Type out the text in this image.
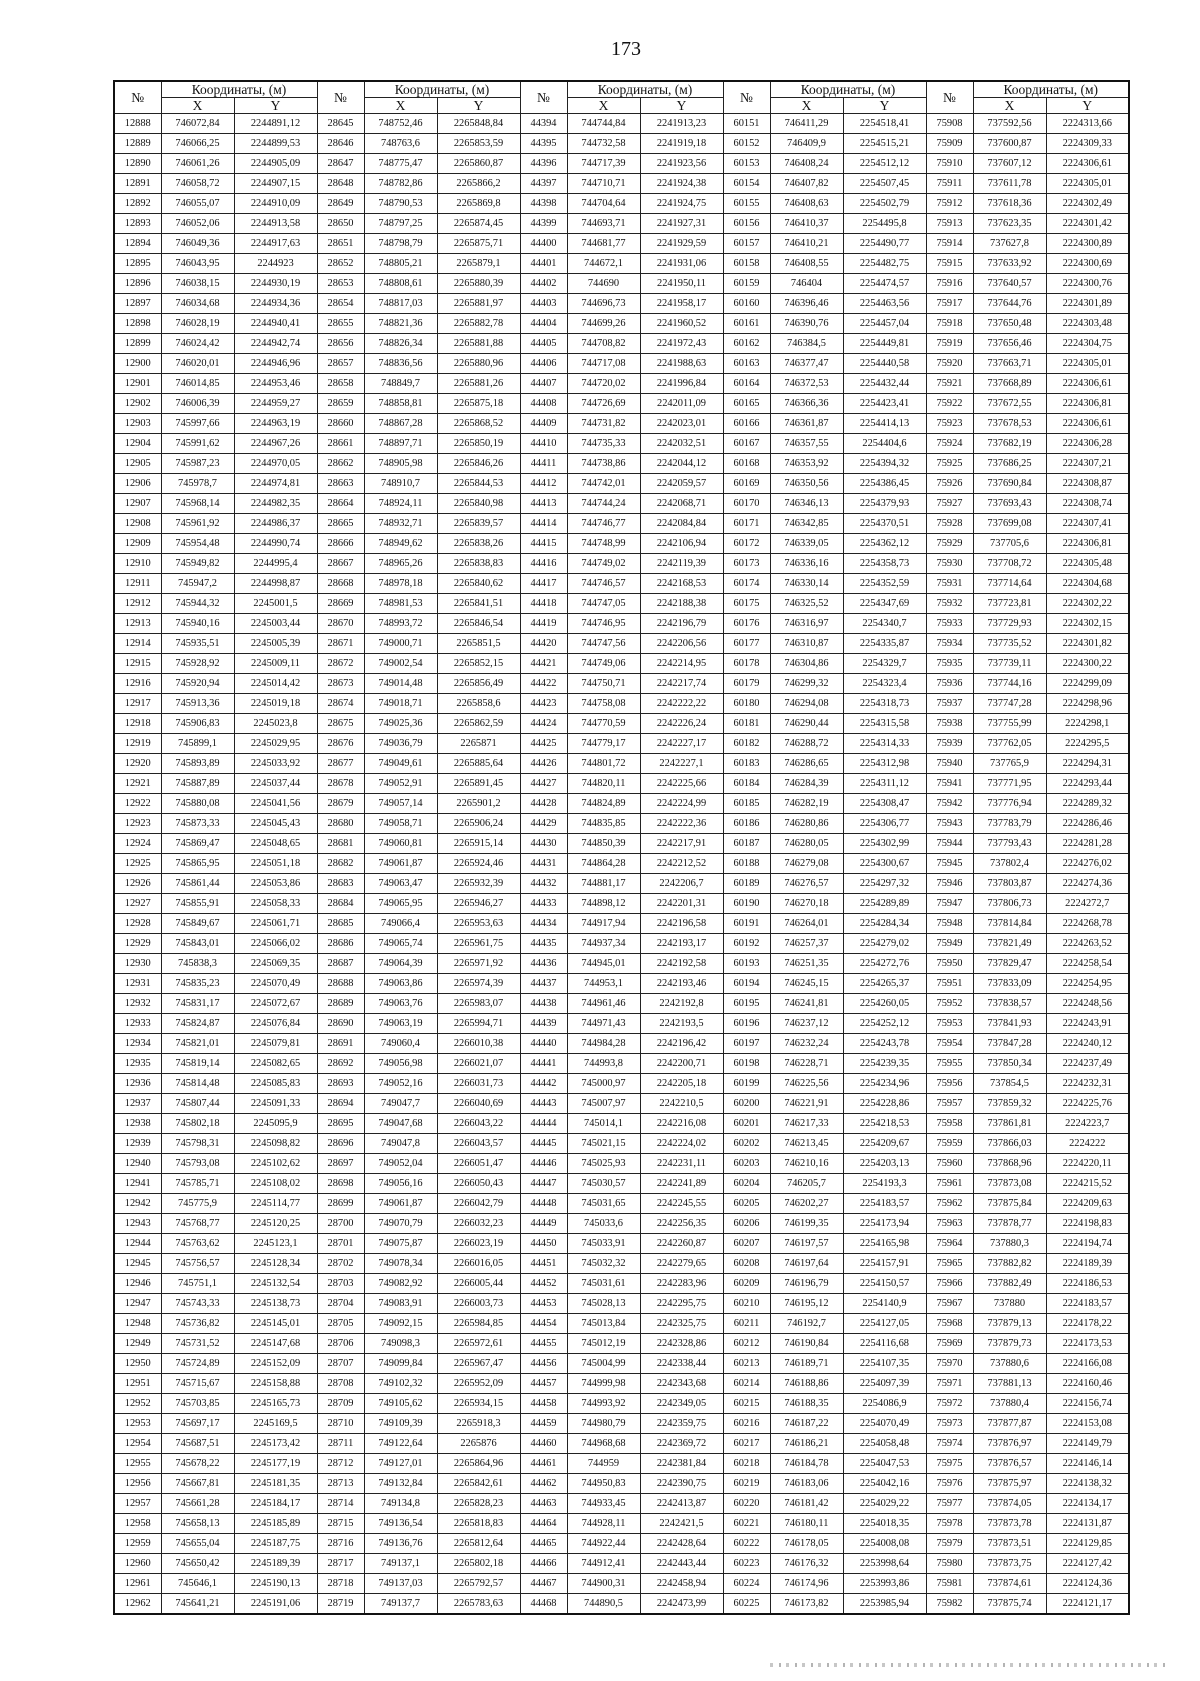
173
№	Координаты, (м)		№	Координаты, (м)		№	Координаты, (м)		№	Координаты, (м)		№	Координаты, (м)	
	X	Y		X	Y		X	Y		X	Y		X	Y
12888	746072,84	2244891,12	28645	748752,46	2265848,84	44394	744744,84	2241913,23	60151	746411,29	2254518,41	75908	737592,56	2224313,66
12889	746066,25	2244899,53	28646	748763,6	2265853,59	44395	744732,58	2241919,18	60152	746409,9	2254515,21	75909	737600,87	2224309,33
12890	746061,26	2244905,09	28647	748775,47	2265860,87	44396	744717,39	2241923,56	60153	746408,24	2254512,12	75910	737607,12	2224306,61
12891	746058,72	2244907,15	28648	748782,86	2265866,2	44397	744710,71	2241924,38	60154	746407,82	2254507,45	75911	737611,78	2224305,01
12892	746055,07	2244910,09	28649	748790,53	2265869,8	44398	744704,64	2241924,75	60155	746408,63	2254502,79	75912	737618,36	2224302,49
12893	746052,06	2244913,58	28650	748797,25	2265874,45	44399	744693,71	2241927,31	60156	746410,37	2254495,8	75913	737623,35	2224301,42
12894	746049,36	2244917,63	28651	748798,79	2265875,71	44400	744681,77	2241929,59	60157	746410,21	2254490,77	75914	737627,8	2224300,89
12895	746043,95	2244923	28652	748805,21	2265879,1	44401	744672,1	2241931,06	60158	746408,55	2254482,75	75915	737633,92	2224300,69
12896	746038,15	2244930,19	28653	748808,61	2265880,39	44402	744690	2241950,11	60159	746404	2254474,57	75916	737640,57	2224300,76
12897	746034,68	2244934,36	28654	748817,03	2265881,97	44403	744696,73	2241958,17	60160	746396,46	2254463,56	75917	737644,76	2224301,89
12898	746028,19	2244940,41	28655	748821,36	2265882,78	44404	744699,26	2241960,52	60161	746390,76	2254457,04	75918	737650,48	2224303,48
12899	746024,42	2244942,74	28656	748826,34	2265881,88	44405	744708,82	2241972,43	60162	746384,5	2254449,81	75919	737656,46	2224304,75
12900	746020,01	2244946,96	28657	748836,56	2265880,96	44406	744717,08	2241988,63	60163	746377,47	2254440,58	75920	737663,71	2224305,01
12901	746014,85	2244953,46	28658	748849,7	2265881,26	44407	744720,02	2241996,84	60164	746372,53	2254432,44	75921	737668,89	2224306,61
12902	746006,39	2244959,27	28659	748858,81	2265875,18	44408	744726,69	2242011,09	60165	746366,36	2254423,41	75922	737672,55	2224306,81
12903	745997,66	2244963,19	28660	748867,28	2265868,52	44409	744731,82	2242023,01	60166	746361,87	2254414,13	75923	737678,53	2224306,61
12904	745991,62	2244967,26	28661	748897,71	2265850,19	44410	744735,33	2242032,51	60167	746357,55	2254404,6	75924	737682,19	2224306,28
12905	745987,23	2244970,05	28662	748905,98	2265846,26	44411	744738,86	2242044,12	60168	746353,92	2254394,32	75925	737686,25	2224307,21
12906	745978,7	2244974,81	28663	748910,7	2265844,53	44412	744742,01	2242059,57	60169	746350,56	2254386,45	75926	737690,84	2224308,87
12907	745968,14	2244982,35	28664	748924,11	2265840,98	44413	744744,24	2242068,71	60170	746346,13	2254379,93	75927	737693,43	2224308,74
12908	745961,92	2244986,37	28665	748932,71	2265839,57	44414	744746,77	2242084,84	60171	746342,85	2254370,51	75928	737699,08	2224307,41
12909	745954,48	2244990,74	28666	748949,62	2265838,26	44415	744748,99	2242106,94	60172	746339,05	2254362,12	75929	737705,6	2224306,81
12910	745949,82	2244995,4	28667	748965,26	2265838,83	44416	744749,02	2242119,39	60173	746336,16	2254358,73	75930	737708,72	2224305,48
12911	745947,2	2244998,87	28668	748978,18	2265840,62	44417	744746,57	2242168,53	60174	746330,14	2254352,59	75931	737714,64	2224304,68
12912	745944,32	2245001,5	28669	748981,53	2265841,51	44418	744747,05	2242188,38	60175	746325,52	2254347,69	75932	737723,81	2224302,22
12913	745940,16	2245003,44	28670	748993,72	2265846,54	44419	744746,95	2242196,79	60176	746316,97	2254340,7	75933	737729,93	2224302,15
12914	745935,51	2245005,39	28671	749000,71	2265851,5	44420	744747,56	2242206,56	60177	746310,87	2254335,87	75934	737735,52	2224301,82
12915	745928,92	2245009,11	28672	749002,54	2265852,15	44421	744749,06	2242214,95	60178	746304,86	2254329,7	75935	737739,11	2224300,22
12916	745920,94	2245014,42	28673	749014,48	2265856,49	44422	744750,71	2242217,74	60179	746299,32	2254323,4	75936	737744,16	2224299,09
12917	745913,36	2245019,18	28674	749018,71	2265858,6	44423	744758,08	2242222,22	60180	746294,08	2254318,73	75937	737747,28	2224298,96
12918	745906,83	2245023,8	28675	749025,36	2265862,59	44424	744770,59	2242226,24	60181	746290,44	2254315,58	75938	737755,99	2224298,1
12919	745899,1	2245029,95	28676	749036,79	2265871	44425	744779,17	2242227,17	60182	746288,72	2254314,33	75939	737762,05	2224295,5
12920	745893,89	2245033,92	28677	749049,61	2265885,64	44426	744801,72	2242227,1	60183	746286,65	2254312,98	75940	737765,9	2224294,31
12921	745887,89	2245037,44	28678	749052,91	2265891,45	44427	744820,11	2242225,66	60184	746284,39	2254311,12	75941	737771,95	2224293,44
12922	745880,08	2245041,56	28679	749057,14	2265901,2	44428	744824,89	2242224,99	60185	746282,19	2254308,47	75942	737776,94	2224289,32
12923	745873,33	2245045,43	28680	749058,71	2265906,24	44429	744835,85	2242222,36	60186	746280,86	2254306,77	75943	737783,79	2224286,46
12924	745869,47	2245048,65	28681	749060,81	2265915,14	44430	744850,39	2242217,91	60187	746280,05	2254302,99	75944	737793,43	2224281,28
12925	745865,95	2245051,18	28682	749061,87	2265924,46	44431	744864,28	2242212,52	60188	746279,08	2254300,67	75945	737802,4	2224276,02
12926	745861,44	2245053,86	28683	749063,47	2265932,39	44432	744881,17	2242206,7	60189	746276,57	2254297,32	75946	737803,87	2224274,36
12927	745855,91	2245058,33	28684	749065,95	2265946,27	44433	744898,12	2242201,31	60190	746270,18	2254289,89	75947	737806,73	2224272,7
12928	745849,67	2245061,71	28685	749066,4	2265953,63	44434	744917,94	2242196,58	60191	746264,01	2254284,34	75948	737814,84	2224268,78
12929	745843,01	2245066,02	28686	749065,74	2265961,75	44435	744937,34	2242193,17	60192	746257,37	2254279,02	75949	737821,49	2224263,52
12930	745838,3	2245069,35	28687	749064,39	2265971,92	44436	744945,01	2242192,58	60193	746251,35	2254272,76	75950	737829,47	2224258,54
12931	745835,23	2245070,49	28688	749063,86	2265974,39	44437	744953,1	2242193,46	60194	746245,15	2254265,37	75951	737833,09	2224254,95
12932	745831,17	2245072,67	28689	749063,76	2265983,07	44438	744961,46	2242192,8	60195	746241,81	2254260,05	75952	737838,57	2224248,56
12933	745824,87	2245076,84	28690	749063,19	2265994,71	44439	744971,43	2242193,5	60196	746237,12	2254252,12	75953	737841,93	2224243,91
12934	745821,01	2245079,81	28691	749060,4	2266010,38	44440	744984,28	2242196,42	60197	746232,24	2254243,78	75954	737847,28	2224240,12
12935	745819,14	2245082,65	28692	749056,98	2266021,07	44441	744993,8	2242200,71	60198	746228,71	2254239,35	75955	737850,34	2224237,49
12936	745814,48	2245085,83	28693	749052,16	2266031,73	44442	745000,97	2242205,18	60199	746225,56	2254234,96	75956	737854,5	2224232,31
12937	745807,44	2245091,33	28694	749047,7	2266040,69	44443	745007,97	2242210,5	60200	746221,91	2254228,86	75957	737859,32	2224225,76
12938	745802,18	2245095,9	28695	749047,68	2266043,22	44444	745014,1	2242216,08	60201	746217,33	2254218,53	75958	737861,81	2224223,7
12939	745798,31	2245098,82	28696	749047,8	2266043,57	44445	745021,15	2242224,02	60202	746213,45	2254209,67	75959	737866,03	2224222
12940	745793,08	2245102,62	28697	749052,04	2266051,47	44446	745025,93	2242231,11	60203	746210,16	2254203,13	75960	737868,96	2224220,11
12941	745785,71	2245108,02	28698	749056,16	2266050,43	44447	745030,57	2242241,89	60204	746205,7	2254193,3	75961	737873,08	2224215,52
12942	745775,9	2245114,77	28699	749061,87	2266042,79	44448	745031,65	2242245,55	60205	746202,27	2254183,57	75962	737875,84	2224209,63
12943	745768,77	2245120,25	28700	749070,79	2266032,23	44449	745033,6	2242256,35	60206	746199,35	2254173,94	75963	737878,77	2224198,83
12944	745763,62	2245123,1	28701	749075,87	2266023,19	44450	745033,91	2242260,87	60207	746197,57	2254165,98	75964	737880,3	2224194,74
12945	745756,57	2245128,34	28702	749078,34	2266016,05	44451	745032,32	2242279,65	60208	746197,64	2254157,91	75965	737882,82	2224189,39
12946	745751,1	2245132,54	28703	749082,92	2266005,44	44452	745031,61	2242283,96	60209	746196,79	2254150,57	75966	737882,49	2224186,53
12947	745743,33	2245138,73	28704	749083,91	2266003,73	44453	745028,13	2242295,75	60210	746195,12	2254140,9	75967	737880	2224183,57
12948	745736,82	2245145,01	28705	749092,15	2265984,85	44454	745013,84	2242325,75	60211	746192,7	2254127,05	75968	737879,13	2224178,22
12949	745731,52	2245147,68	28706	749098,3	2265972,61	44455	745012,19	2242328,86	60212	746190,84	2254116,68	75969	737879,73	2224173,53
12950	745724,89	2245152,09	28707	749099,84	2265967,47	44456	745004,99	2242338,44	60213	746189,71	2254107,35	75970	737880,6	2224166,08
12951	745715,67	2245158,88	28708	749102,32	2265952,09	44457	744999,98	2242343,68	60214	746188,86	2254097,39	75971	737881,13	2224160,46
12952	745703,85	2245165,73	28709	749105,62	2265934,15	44458	744993,92	2242349,05	60215	746188,35	2254086,9	75972	737880,4	2224156,74
12953	745697,17	2245169,5	28710	749109,39	2265918,3	44459	744980,79	2242359,75	60216	746187,22	2254070,49	75973	737877,87	2224153,08
12954	745687,51	2245173,42	28711	749122,64	2265876	44460	744968,68	2242369,72	60217	746186,21	2254058,48	75974	737876,97	2224149,79
12955	745678,22	2245177,19	28712	749127,01	2265864,96	44461	744959	2242381,84	60218	746184,78	2254047,53	75975	737876,57	2224146,14
12956	745667,81	2245181,35	28713	749132,84	2265842,61	44462	744950,83	2242390,75	60219	746183,06	2254042,16	75976	737875,97	2224138,32
12957	745661,28	2245184,17	28714	749134,8	2265828,23	44463	744933,45	2242413,87	60220	746181,42	2254029,22	75977	737874,05	2224134,17
12958	745658,13	2245185,89	28715	749136,54	2265818,83	44464	744928,11	2242421,5	60221	746180,11	2254018,35	75978	737873,78	2224131,87
12959	745655,04	2245187,75	28716	749136,76	2265812,64	44465	744922,44	2242428,64	60222	746178,05	2254008,08	75979	737873,51	2224129,85
12960	745650,42	2245189,39	28717	749137,1	2265802,18	44466	744912,41	2242443,44	60223	746176,32	2253998,64	75980	737873,75	2224127,42
12961	745646,1	2245190,13	28718	749137,03	2265792,57	44467	744900,31	2242458,94	60224	746174,96	2253993,86	75981	737874,61	2224124,36
12962	745641,21	2245191,06	28719	749137,7	2265783,63	44468	744890,5	2242473,99	60225	746173,82	2253985,94	75982	737875,74	2224121,17
